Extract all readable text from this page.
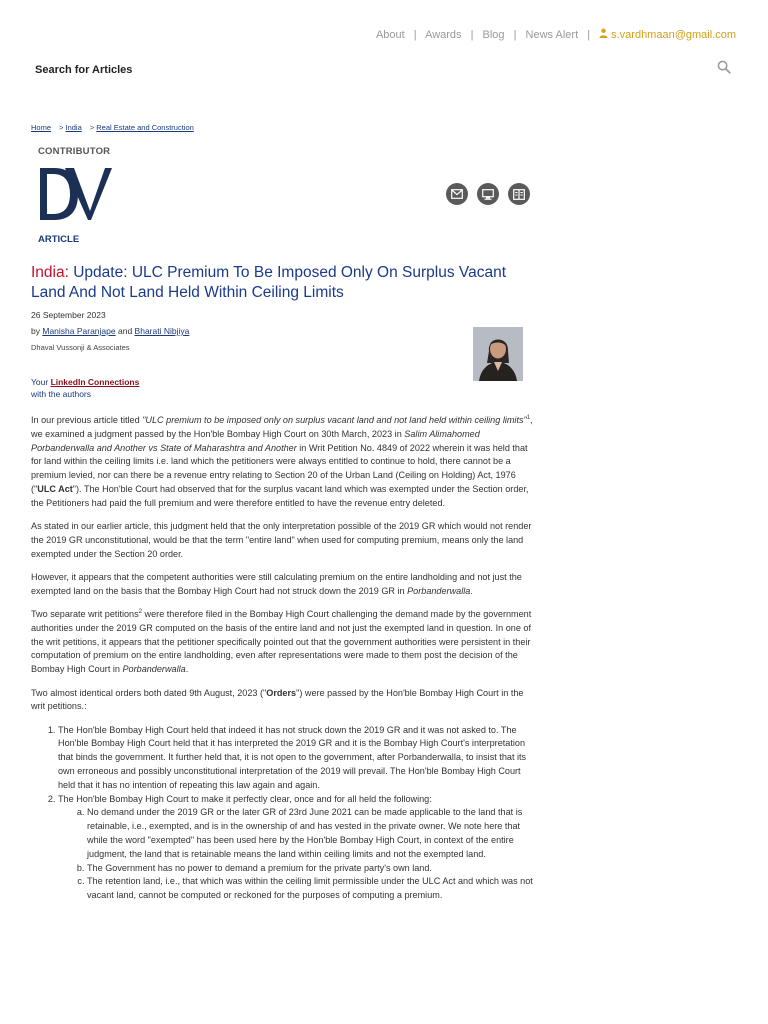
About | Awards | Blog | News Alert | s.vardhmaan@gmail.com
Search for Articles
Home > India > Real Estate and Construction
CONTRIBUTOR
ARTICLE
India: Update: ULC Premium To Be Imposed Only On Surplus Vacant Land And Not Land Held Within Ceiling Limits
26 September 2023
by Manisha Paranjape and Bharati Nibjiya
Dhaval Vussonji & Associates
Your LinkedIn Connections
with the authors

In our previous article titled "ULC premium to be imposed only on surplus vacant land and not land held within ceiling limits"$^1$, we examined a judgment passed by the Hon'ble Bombay High Court on 30th March, 2023 in Salim Alimahomed Porbanderwalla and Another vs State of Maharashtra and Another in Writ Petition No. 4849 of 2022 wherein it was held that for land within the ceiling limits i.e. land which the petitioners were always entitled to continue to hold, there cannot be a premium levied, nor can there be a revenue entry relating to Section 20 of the Urban Land (Ceiling on Holding) Act, 1976 ("ULC Act"). The Hon'ble Court had observed that for the surplus vacant land which was exempted under the Section order, the Petitioners had paid the full premium and were therefore entitled to have the revenue entry deleted.

As stated in our earlier article, this judgment held that the only interpretation possible of the 2019 GR which would not render the 2019 GR unconstitutional, would be that the term "entire land" when used for computing premium, means only the land exempted under the Section 20 order.

However, it appears that the competent authorities were still calculating premium on the entire landholding and not just the exempted land on the basis that the Bombay High Court had not struck down the 2019 GR in Porbanderwalla.

Two separate writ petitions$^2$ were therefore filed in the Bombay High Court challenging the demand made by the government authorities under the 2019 GR computed on the basis of the entire land and not just the exempted land in question. In one of the writ petitions, it appears that the petitioner specifically pointed out that the government authorities were persistent in their computation of premium on the entire landholding, even after representations were made to them post the decision of the Bombay High Court in Porbanderwalla.

Two almost identical orders both dated 9th August, 2023 ("Orders") were passed by the Hon'ble Bombay High Court in the writ petitions.:

1. The Hon'ble Bombay High Court held that indeed it has not struck down the 2019 GR and it was not asked to. The Hon'ble Bombay High Court held that it has interpreted the 2019 GR and it is the Bombay High Court's interpretation that binds the government. It further held that, it is not open to the government, after Porbanderwalla, to insist that its own erroneous and possibly unconstitutional interpretation of the 2019 will prevail. The Hon'ble Bombay High Court held that it has no intention of repeating this law again and again.
2. The Hon'ble Bombay High Court to make it perfectly clear, once and for all held the following:
a. No demand under the 2019 GR or the later GR of 23rd June 2021 can be made applicable to the land that is retainable, i.e., exempted, and is in the ownership of and has vested in the private owner. We note here that while the word "exempted" has been used here by the Hon'ble Bombay High Court, in context of the entire judgment, the land that is retainable means the land within ceiling limits and not the exempted land.
b. The Government has no power to demand a premium for the private party's own land.
c. The retention land, i.e., that which was within the ceiling limit permissible under the ULC Act and which was not vacant land, cannot be computed or reckoned for the purposes of computing a premium.
